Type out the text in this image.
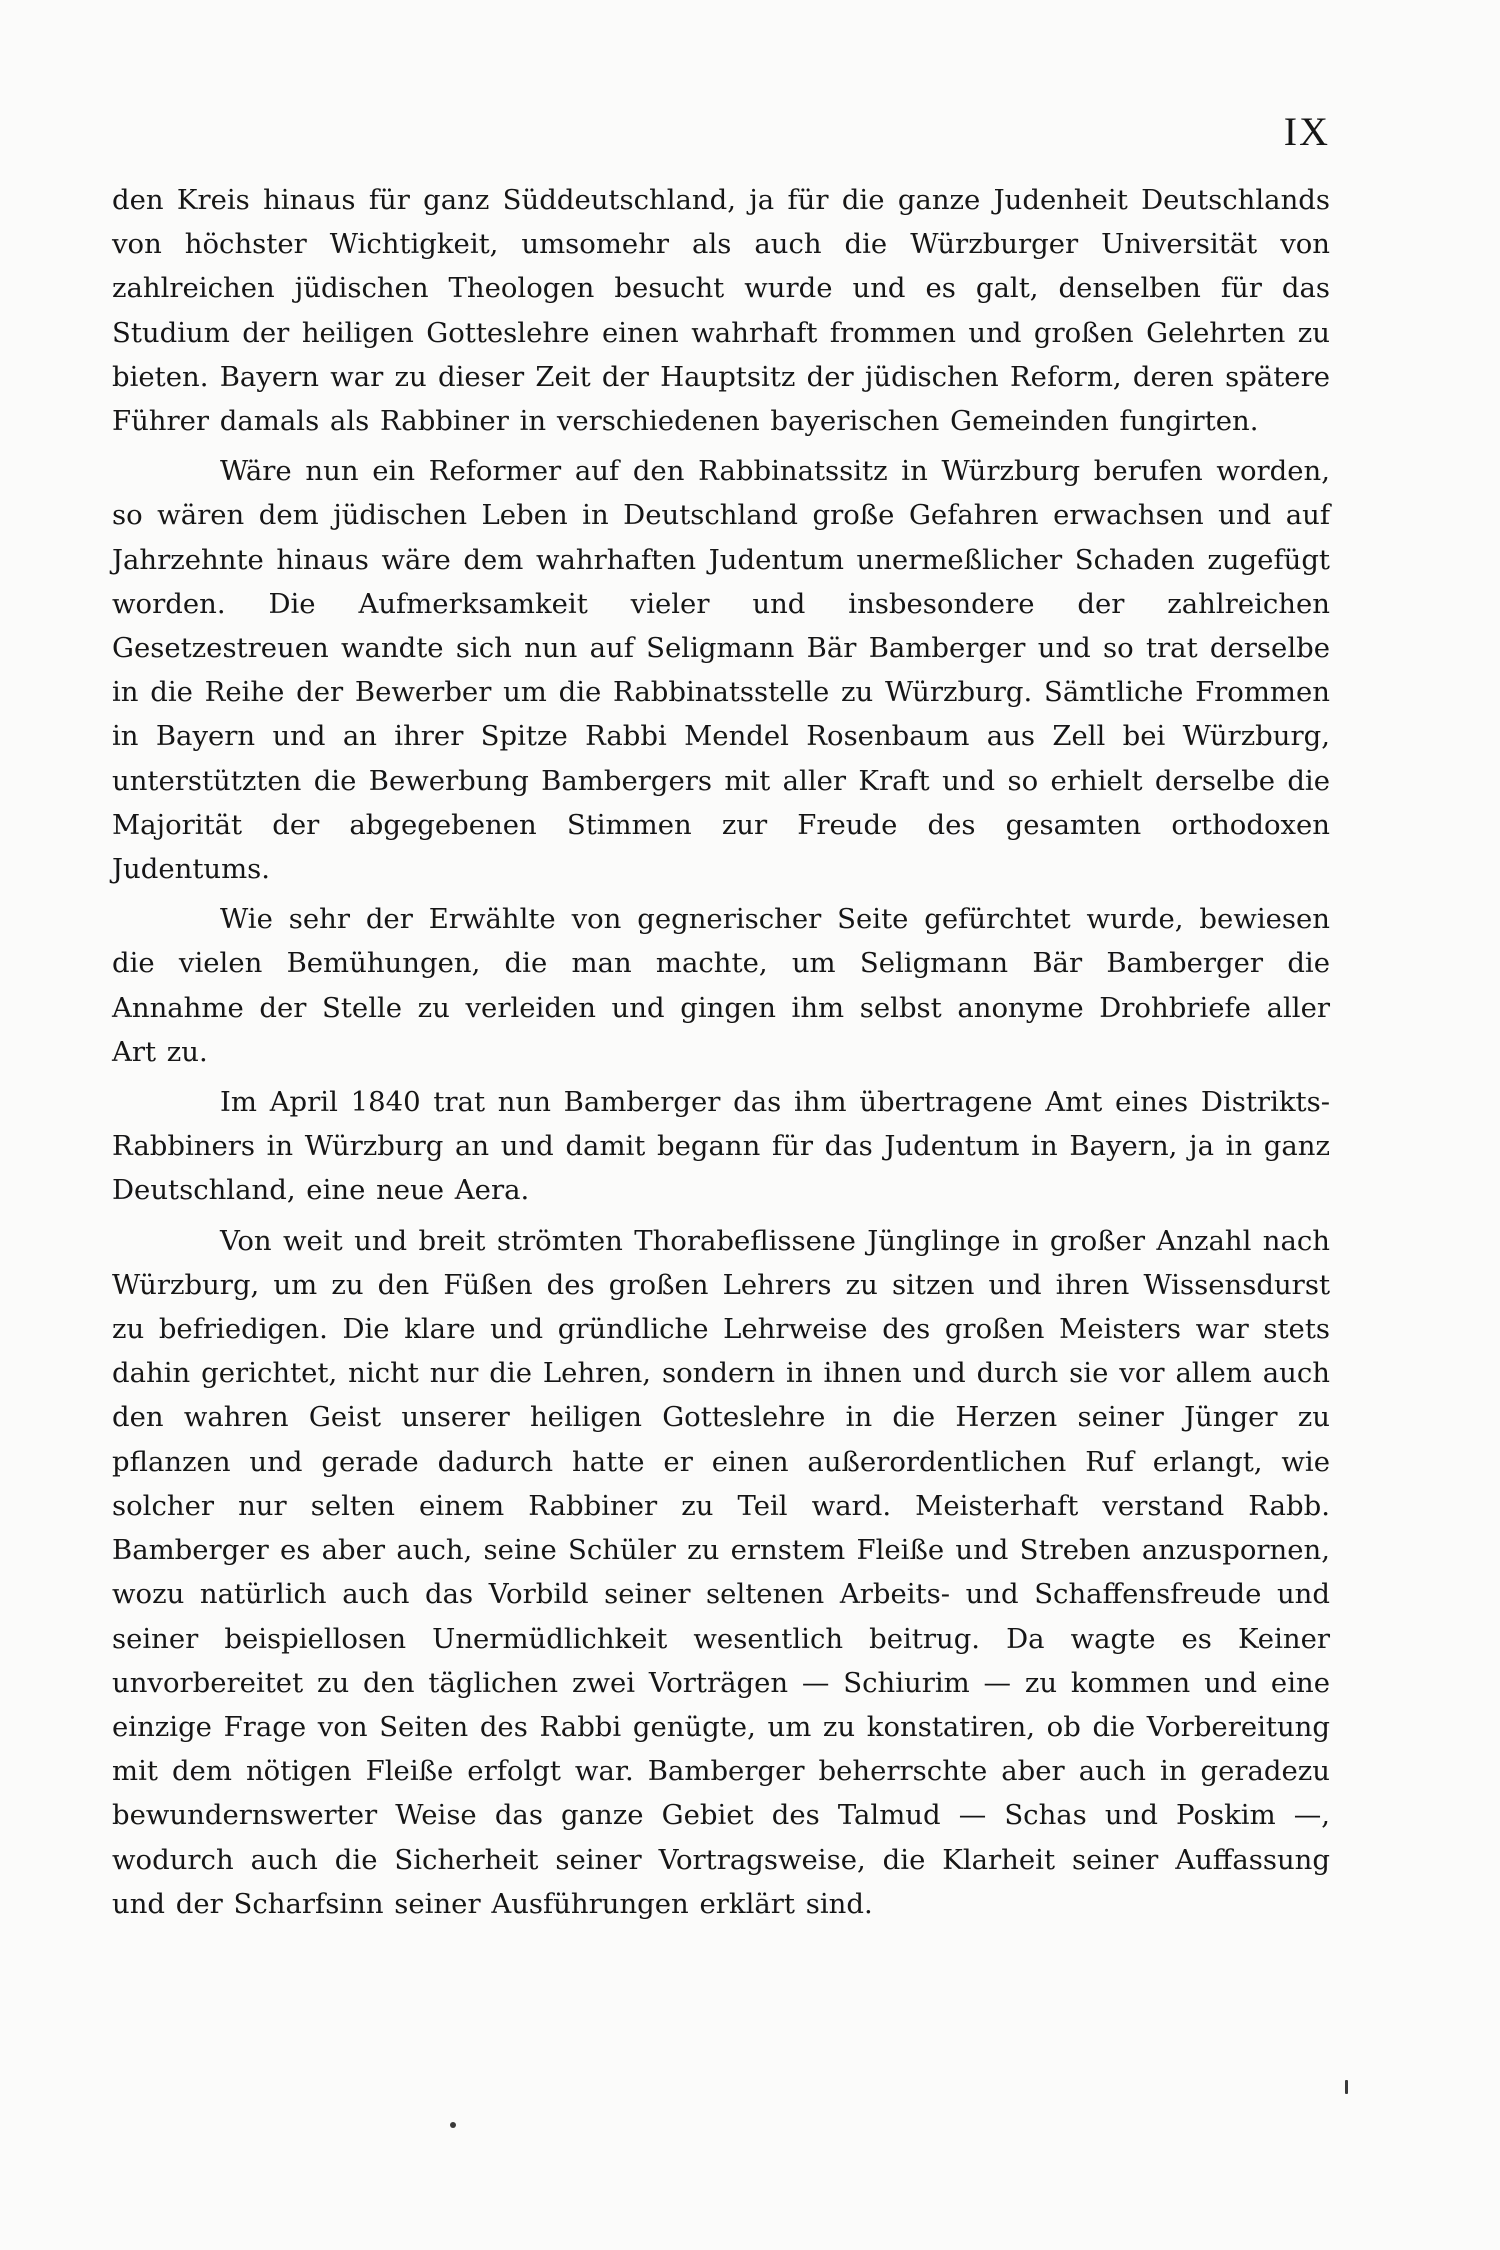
IX

den Kreis hinaus für ganz Süddeutschland, ja für die ganze Judenheit Deutschlands von höchster Wichtigkeit, umsomehr als auch die Würzburger Universität von zahlreichen jüdischen Theologen besucht wurde und es galt, denselben für das Studium der heiligen Gotteslehre einen wahrhaft frommen und großen Gelehrten zu bieten. Bayern war zu dieser Zeit der Hauptsitz der jüdischen Reform, deren spätere Führer damals als Rabbiner in verschiedenen bayerischen Gemeinden fungirten.

Wäre nun ein Reformer auf den Rabbinatssitz in Würzburg berufen worden, so wären dem jüdischen Leben in Deutschland große Gefahren erwachsen und auf Jahrzehnte hinaus wäre dem wahrhaften Judentum unermeßlicher Schaden zugefügt worden. Die Aufmerksamkeit vieler und insbesondere der zahlreichen Gesetzestreuen wandte sich nun auf Seligmann Bär Bamberger und so trat derselbe in die Reihe der Bewerber um die Rabbinatsstelle zu Würzburg. Sämtliche Frommen in Bayern und an ihrer Spitze Rabbi Mendel Rosenbaum aus Zell bei Würzburg, unterstützten die Bewerbung Bambergers mit aller Kraft und so erhielt derselbe die Majorität der abgegebenen Stimmen zur Freude des gesamten orthodoxen Judentums.

Wie sehr der Erwählte von gegnerischer Seite gefürchtet wurde, bewiesen die vielen Bemühungen, die man machte, um Seligmann Bär Bamberger die Annahme der Stelle zu verleiden und gingen ihm selbst anonyme Drohbriefe aller Art zu.

Im April 1840 trat nun Bamberger das ihm übertragene Amt eines Distrikts-Rabbiners in Würzburg an und damit begann für das Judentum in Bayern, ja in ganz Deutschland, eine neue Aera.

Von weit und breit strömten Thorabeflissene Jünglinge in großer Anzahl nach Würzburg, um zu den Füßen des großen Lehrers zu sitzen und ihren Wissensdurst zu befriedigen. Die klare und gründliche Lehrweise des großen Meisters war stets dahin gerichtet, nicht nur die Lehren, sondern in ihnen und durch sie vor allem auch den wahren Geist unserer heiligen Gotteslehre in die Herzen seiner Jünger zu pflanzen und gerade dadurch hatte er einen außerordentlichen Ruf erlangt, wie solcher nur selten einem Rabbiner zu Teil ward. Meisterhaft verstand Rabb. Bamberger es aber auch, seine Schüler zu ernstem Fleiße und Streben anzuspornen, wozu natürlich auch das Vorbild seiner seltenen Arbeits- und Schaffensfreude und seiner beispiellosen Unermüdlichkeit wesentlich beitrug. Da wagte es Keiner unvorbereitet zu den täglichen zwei Vorträgen — Schiurim — zu kommen und eine einzige Frage von Seiten des Rabbi genügte, um zu konstatiren, ob die Vorbereitung mit dem nötigen Fleiße erfolgt war. Bamberger beherrschte aber auch in geradezu bewundernswerter Weise das ganze Gebiet des Talmud — Schas und Poskim —, wodurch auch die Sicherheit seiner Vortragsweise, die Klarheit seiner Auffassung und der Scharfsinn seiner Ausführungen erklärt sind.
